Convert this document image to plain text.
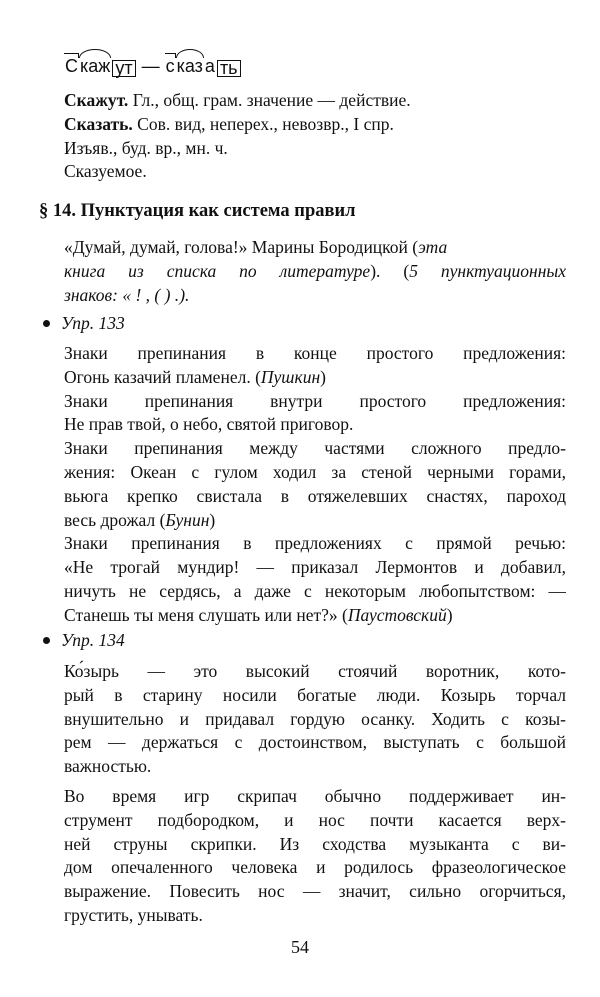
С каж ут — с каз а ть
Скажут. Гл., общ. грам. значение — действие.
Сказать. Сов. вид, неперех., невозвр., I спр.
Изъяв., буд. вр., мн. ч.
Сказуемое.
§ 14. Пунктуация как система правил
«Думай, думай, голова!» Марины Бородицкой (эта
книга из списка по литературе). (5 пунктуационных
знаков: « ! , ( ) .).
Упр. 133
Знаки препинания в конце простого предложения:
Огонь казачий пламенел. (Пушкин)
Знаки препинания внутри простого предложения:
Не прав твой, о небо, святой приговор.
Знаки препинания между частями сложного предло-
жения: Океан с гулом ходил за стеной черными горами,
вьюга крепко свистала в отяжелевших снастях, пароход
весь дрожал (Бунин)
Знаки препинания в предложениях с прямой речью:
«Не трогай мундир! — приказал Лермонтов и добавил,
ничуть не сердясь, а даже с некоторым любопытством: —
Станешь ты меня слушать или нет?» (Паустовский)
Упр. 134
Ко́зырь — это высокий стоячий воротник, кото-
рый в старину носили богатые люди. Козырь торчал
внушительно и придавал гордую осанку. Ходить с козы-
рем — держаться с достоинством, выступать с большой
важностью.
Во время игр скрипач обычно поддерживает ин-
струмент подбородком, и нос почти касается верх-
ней струны скрипки. Из сходства музыканта с ви-
дом опечаленного человека и родилось фразеологическое
выражение. Повесить нос — значит, сильно огорчиться,
грустить, унывать.
54
